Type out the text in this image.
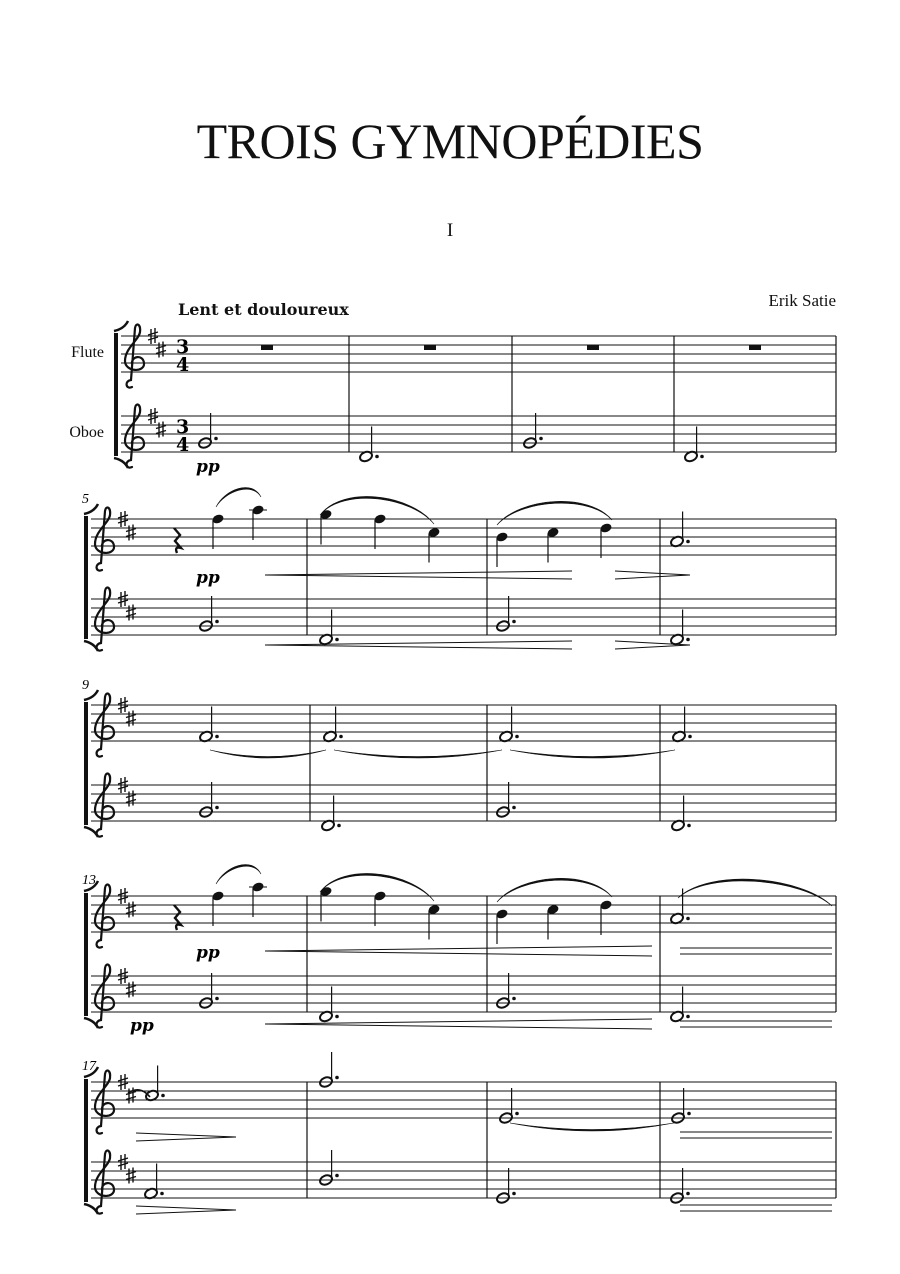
TROIS GYMNOPÉDIES
I
Erik Satie
Lent et douloureux
Flute
Oboe
3
4
3
4
pp
5
pp
9
13
pp
pp
17
